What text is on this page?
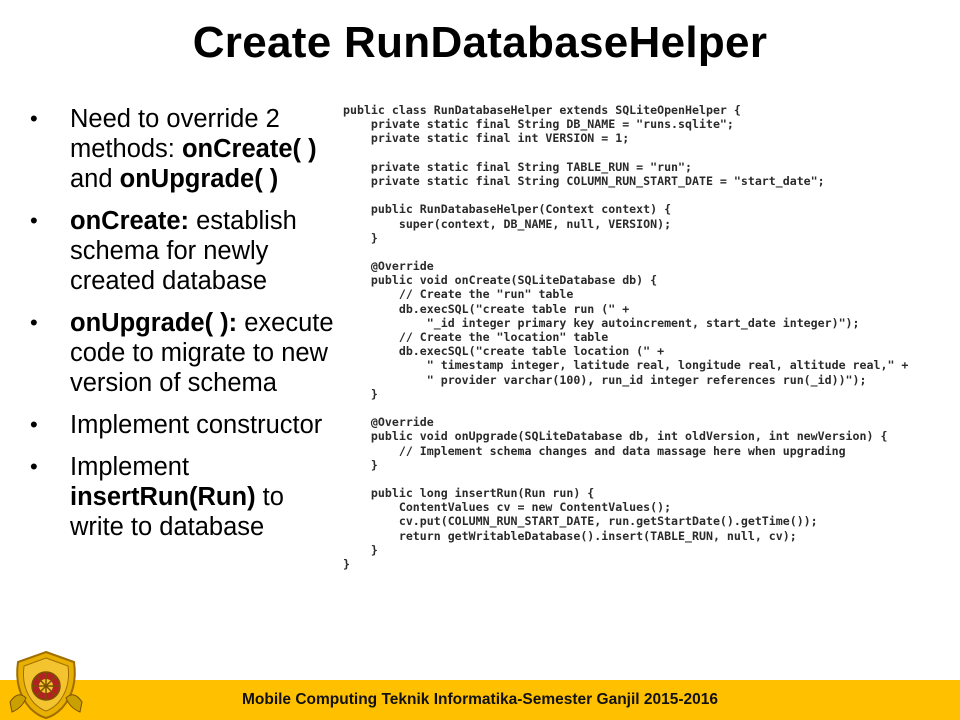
Create RunDatabaseHelper
• Need to override 2 methods: onCreate( ) and onUpgrade( )
• onCreate: establish schema for newly created database
• onUpgrade( ): execute code to migrate to new version of schema
• Implement constructor
• Implement insertRun(Run) to write to database
public class RunDatabaseHelper extends SQLiteOpenHelper {
private static final String DB_NAME = "runs.sqlite";
private static final int VERSION = 1;
private static final String TABLE_RUN = "run";
private static final String COLUMN_RUN_START_DATE = "start_date";
public RunDatabaseHelper(Context context) {
super(context, DB_NAME, null, VERSION);
}
@Override
public void onCreate(SQLiteDatabase db) {
// Create the "run" table
db.execSQL("create table run (" +
"_id integer primary key autoincrement, start_date integer)");
// Create the "location" table
db.execSQL("create table location (" +
" timestamp integer, latitude real, longitude real, altitude real," +
" provider varchar(100), run_id integer references run(_id))");
}
@Override
public void onUpgrade(SQLiteDatabase db, int oldVersion, int newVersion) {
// Implement schema changes and data massage here when upgrading
}
public long insertRun(Run run) {
ContentValues cv = new ContentValues();
cv.put(COLUMN_RUN_START_DATE, run.getStartDate().getTime());
return getWritableDatabase().insert(TABLE_RUN, null, cv);
}
}
Mobile Computing Teknik Informatika-Semester Ganjil 2015-2016
